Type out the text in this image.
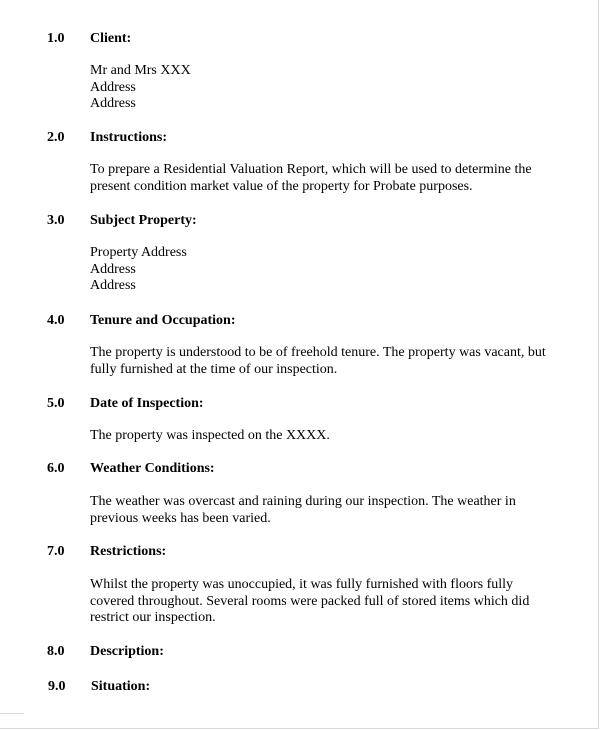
1.0 Client:
Mr and Mrs XXX
Address
Address
2.0 Instructions:
To prepare a Residential Valuation Report, which will be used to determine the
present condition market value of the property for Probate purposes.
3.0 Subject Property:
Property Address
Address
Address
4.0 Tenure and Occupation:
The property is understood to be of freehold tenure. The property was vacant, but
fully furnished at the time of our inspection.
5.0 Date of Inspection:
The property was inspected on the XXXX.
6.0 Weather Conditions:
The weather was overcast and raining during our inspection. The weather in
previous weeks has been varied.
7.0 Restrictions:
Whilst the property was unoccupied, it was fully furnished with floors fully
covered throughout. Several rooms were packed full of stored items which did
restrict our inspection.
8.0 Description:
9.0 Situation:
